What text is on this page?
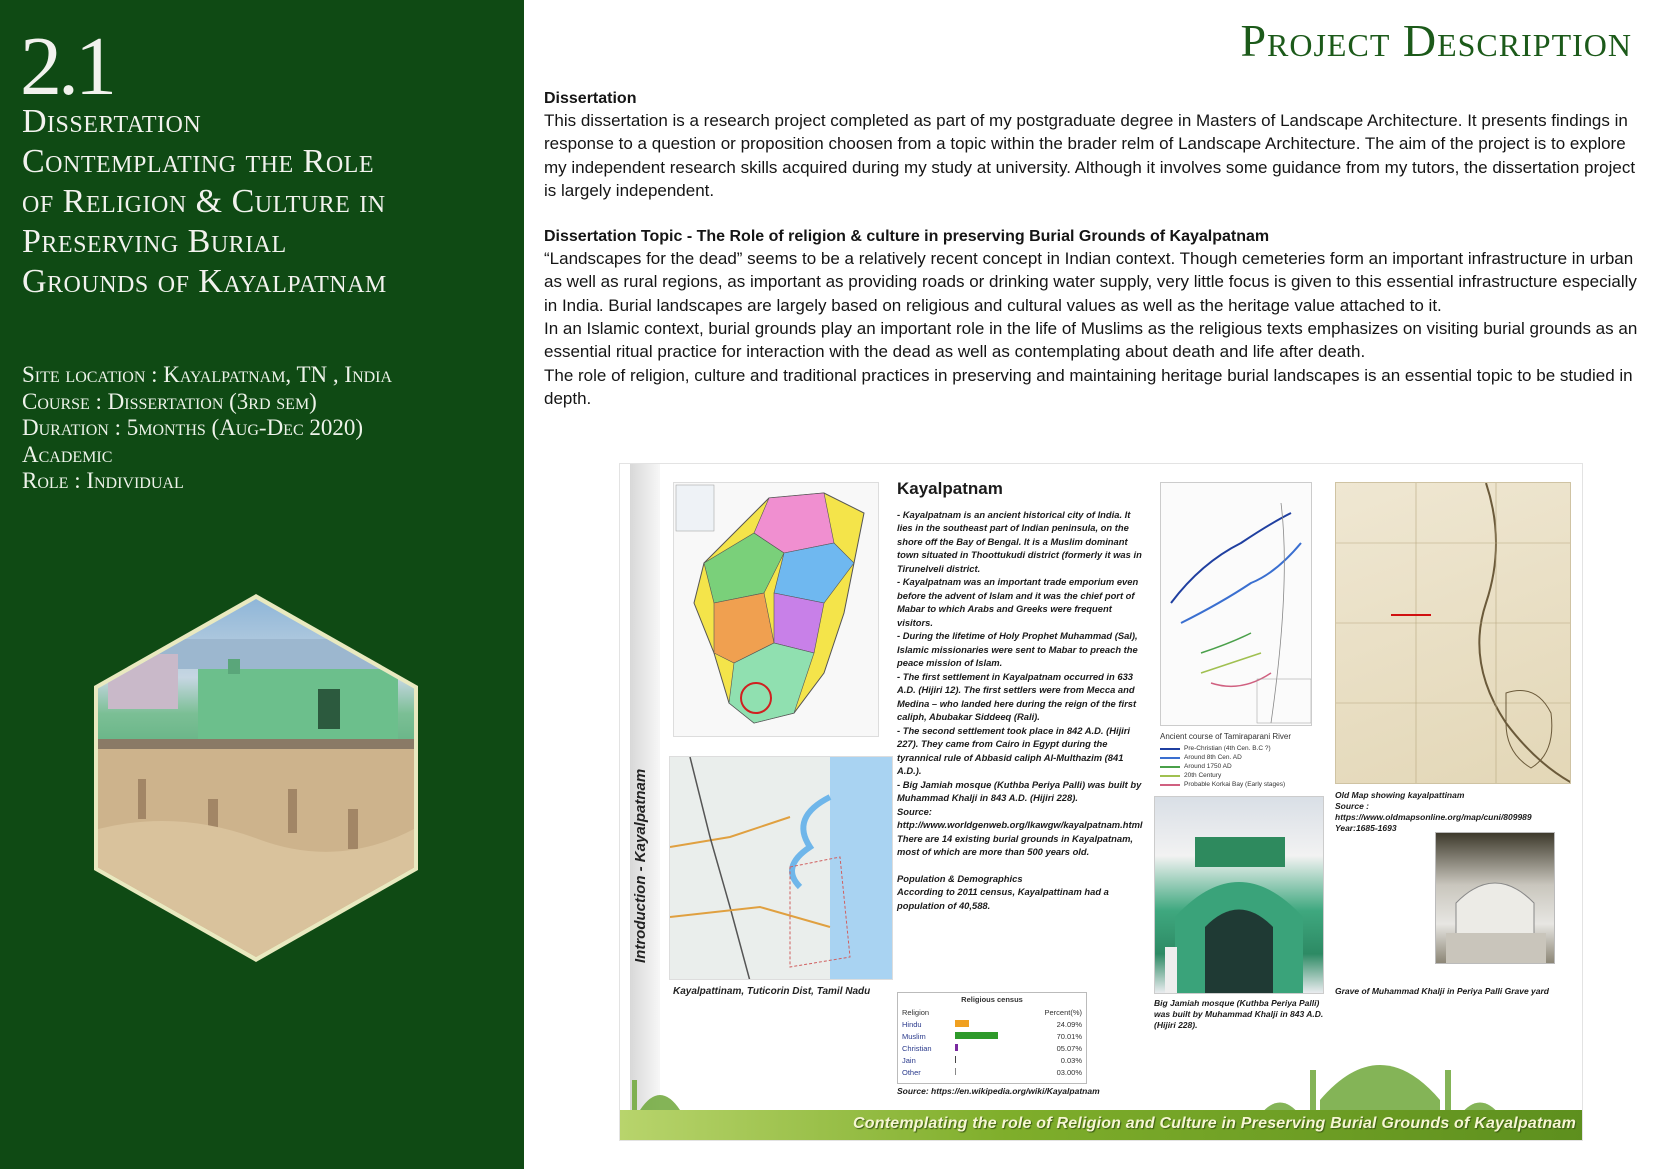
2.1
Dissertation
Contemplating the Role
of Religion & Culture in
Preserving Burial
Grounds of Kayalpatnam
Site location : Kayalpatnam, TN , India
Course : Dissertation (3rd sem)
Duration : 5months (Aug-Dec 2020)
Academic
Role : Individual
Project Description
Dissertation

This dissertation is a research project completed as part of my postgraduate degree in Masters of Landscape Architecture. It presents findings in response to a question or proposition choosen from a topic within the brader relm of Landscape Architecture. The aim of the project is to explore my independent research skills acquired during my study at university. Although it involves some guidance from my tutors, the dissertation project is largely independent.

Dissertation Topic - The Role of religion & culture in preserving Burial Grounds of Kayalpatnam

“Landscapes for the dead” seems to be a relatively recent concept in Indian context. Though cemeteries form an important infrastructure in urban as well as rural regions, as important as providing roads or drinking water supply, very little focus is given to this essential infrastructure especially in India. Burial landscapes are largely based on religious and cultural values as well as the heritage value attached to it.

In an Islamic context, burial grounds play an important role in the life of Muslims as the religious texts emphasizes on visiting burial grounds as an essential ritual practice for interaction with the dead as well as contemplating about death and life after death.

The role of religion, culture and traditional practices in preserving and maintaining heritage burial landscapes is an essential topic to be studied in depth.

Introduction - Kayalpatnam
Kayalpattinam, Tuticorin Dist, Tamil Nadu
Kayalpatnam

- Kayalpatnam is an ancient historical city of India. It lies in the southeast part of Indian peninsula, on the shore off the Bay of Bengal. It is a Muslim dominant town situated in Thoottukudi district (formerly it was in Tirunelveli district.

- Kayalpatnam was an important trade emporium even before the advent of Islam and it was the chief port of Mabar to which Arabs and Greeks were frequent visitors.

- During the lifetime of Holy Prophet Muhammad (Sal), Islamic missionaries were sent to Mabar to preach the peace mission of Islam.

- The first settlement in Kayalpatnam occurred in 633 A.D. (Hijiri 12). The first settlers were from Mecca and Medina – who landed here during the reign of the first caliph, Abubakar Siddeeq (Rali).

- The second settlement took place in 842 A.D. (Hijiri 227). They came from Cairo in Egypt during the tyrannical rule of Abbasid caliph Al-Multhazim (841 A.D.).

- Big Jamiah mosque (Kuthba Periya Palli) was built by Muhammad Khalji in 843 A.D. (Hijiri 228).

Source:

http://www.worldgenweb.org/lkawgw/kayalpatnam.html

There are 14 existing burial grounds in Kayalpatnam, most of which are more than 500 years old.

Population & Demographics

According to 2011 census, Kayalpattinam had a population of 40,588.

Religious census
Religion		Percent(%)
Hindu		24.09%
Muslim		70.01%
Christian		05.07%
Jain		0.03%
Other		03.00%
Source: https://en.wikipedia.org/wiki/Kayalpatnam
Ancient course of Tamiraparani River
Pre-Christian (4th Cen. B.C ?)
Around 8th Cen. AD
Around 1750 AD
20th Century
Probable Korkai Bay (Early stages)
Big Jamiah mosque (Kuthba Periya Palli) was built by Muhammad Khalji in 843 A.D. (Hijiri 228).
Old Map showing kayalpattinam
Source :
https://www.oldmapsonline.org/map/cuni/809989
Year:1685-1693
Grave of Muhammad Khalji in Periya Palli Grave yard
Contemplating the role of Religion and Culture in Preserving Burial Grounds of Kayalpatnam
